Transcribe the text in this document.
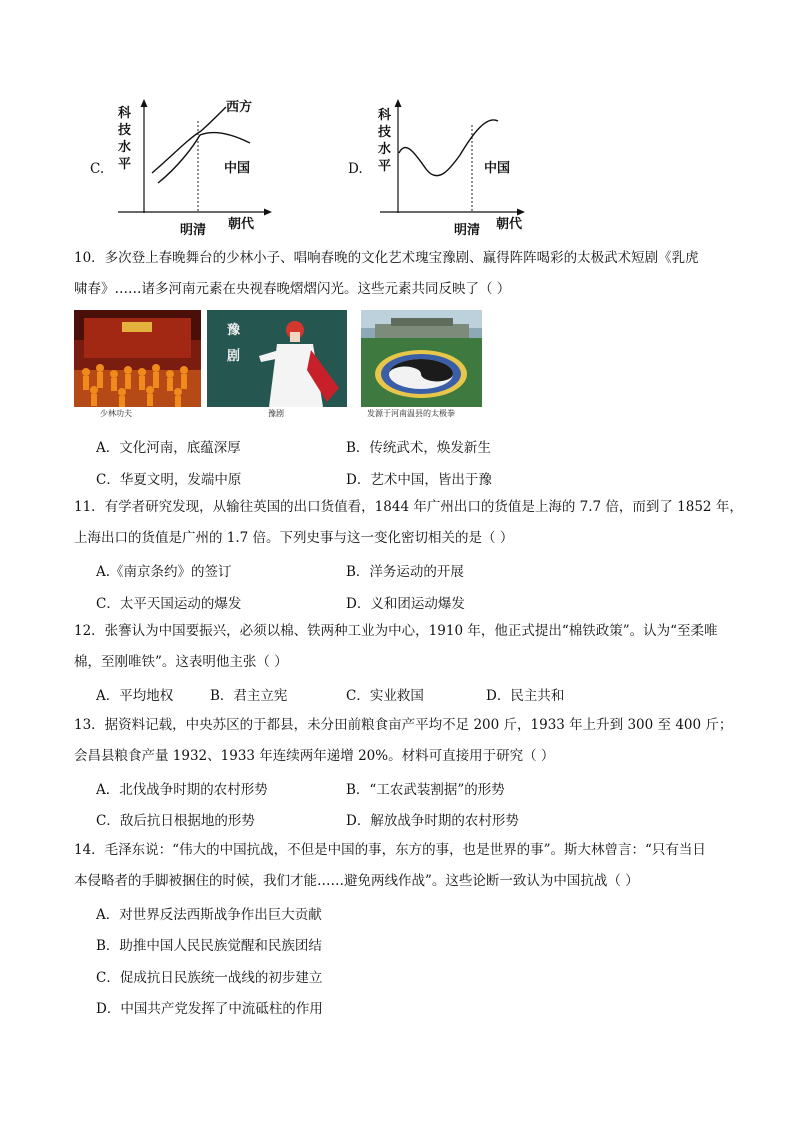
C.
科
技
水
平
西方
中国
明清 朝代
D.
科
技
水
平	中国
明清 朝代
10．多次登上春晚舞台的少林小子、唱响春晚的文化艺术瑰宝豫剧、赢得阵阵喝彩的太极武术短剧《乳虎
啸春》……诸多河南元素在央视春晚熠熠闪光。这些元素共同反映了（ ）
少林功夫
豫
剧
豫剧	发源于河南温县的太极拳
A．文化河南，底蕴深厚	B．传统武术，焕发新生
C．华夏文明，发端中原	D．艺术中国，皆出于豫
11．有学者研究发现，从输往英国的出口货值看，1844 年广州出口的货值是上海的 7.7 倍，而到了 1852 年，
上海出口的货值是广州的 1.7 倍。下列史事与这一变化密切相关的是（ ）
A.《南京条约》的签订	B．洋务运动的开展
C．太平天国运动的爆发	D．义和团运动爆发
12．张謇认为中国要振兴，必须以棉、铁两种工业为中心，1910 年，他正式提出“棉铁政策”。认为“至柔唯
棉，至刚唯铁”。这表明他主张（ ）
A．平均地权	B．君主立宪	C．实业救国	D．民主共和
13．据资料记载，中央苏区的于都县，未分田前粮食亩产平均不足 200 斤，1933 年上升到 300 至 400 斤；
会昌县粮食产量 1932、1933 年连续两年递增 20%。材料可直接用于研究（ ）
A．北伐战争时期的农村形势	B．“工农武装割据”的形势
C．敌后抗日根据地的形势	D．解放战争时期的农村形势
14．毛泽东说：“伟大的中国抗战，不但是中国的事，东方的事，也是世界的事”。斯大林曾言：“只有当日
本侵略者的手脚被捆住的时候，我们才能……避免两线作战”。这些论断一致认为中国抗战（ ）
A．对世界反法西斯战争作出巨大贡献
B．助推中国人民民族觉醒和民族团结
C．促成抗日民族统一战线的初步建立
D．中国共产党发挥了中流砥柱的作用
